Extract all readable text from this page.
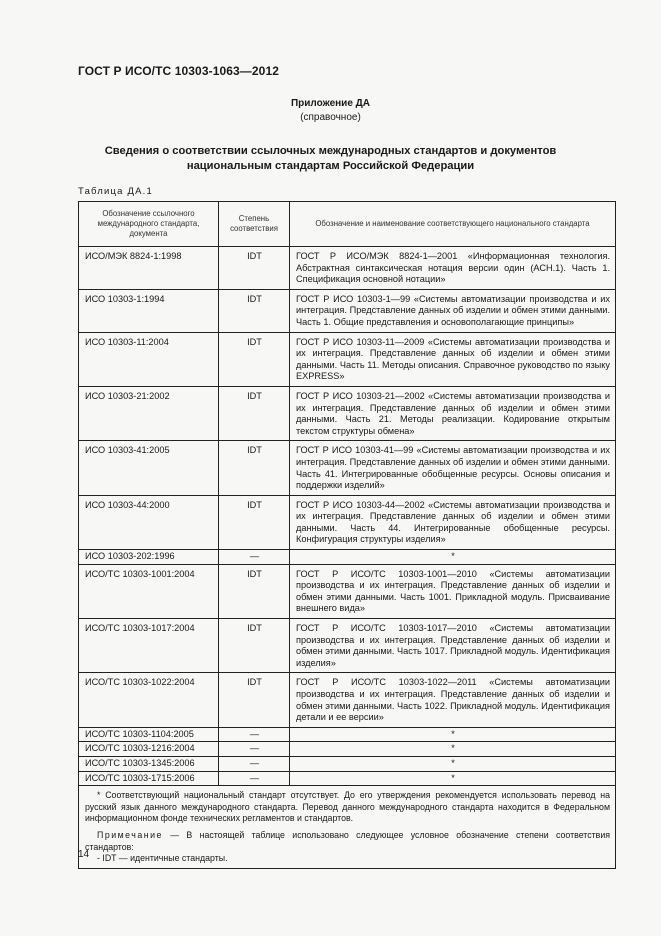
ГОСТ Р ИСО/ТС 10303-1063—2012
Приложение ДА
(справочное)
Сведения о соответствии ссылочных международных стандартов и документов
национальным стандартам Российской Федерации
Таблица ДА.1
Обозначение ссылочного международного стандарта, документа	Степень соответствия	Обозначение и наименование соответствующего национального стандарта
ИСО/МЭК 8824-1:1998	IDT	ГОСТ Р ИСО/МЭК 8824-1—2001 «Информационная технология. Абстрактная синтаксическая нотация версии один (АСН.1). Часть 1. Спецификация основной нотации»
ИСО 10303-1:1994	IDT	ГОСТ Р ИСО 10303-1—99 «Системы автоматизации производства и их интеграция. Представление данных об изделии и обмен этими данными. Часть 1. Общие представления и основополагающие принципы»
ИСО 10303-11:2004	IDT	ГОСТ Р ИСО 10303-11—2009 «Системы автоматизации производства и их интеграция. Представление данных об изделии и обмен этими данными. Часть 11. Методы описания. Справочное руководство по языку EXPRESS»
ИСО 10303-21:2002	IDT	ГОСТ Р ИСО 10303-21—2002 «Системы автоматизации производства и их интеграция. Представление данных об изделии и обмен этими данными. Часть 21. Методы реализации. Кодирование открытым текстом структуры обмена»
ИСО 10303-41:2005	IDT	ГОСТ Р ИСО 10303-41—99 «Системы автоматизации производства и их интеграция. Представление данных об изделии и обмен этими данными. Часть 41. Интегрированные обобщенные ресурсы. Основы описания и поддержки изделий»
ИСО 10303-44:2000	IDT	ГОСТ Р ИСО 10303-44—2002 «Системы автоматизации производства и их интеграция. Представление данных об изделии и обмен этими данными. Часть 44. Интегрированные обобщенные ресурсы. Конфигурация структуры изделия»
ИСО 10303-202:1996	—	*
ИСО/ТС 10303-1001:2004	IDT	ГОСТ Р ИСО/ТС 10303-1001—2010 «Системы автоматизации производства и их интеграция. Представление данных об изделии и обмен этими данными. Часть 1001. Прикладной модуль. Присваивание внешнего вида»
ИСО/ТС 10303-1017:2004	IDT	ГОСТ Р ИСО/ТС 10303-1017—2010 «Системы автоматизации производства и их интеграция. Представление данных об изделии и обмен этими данными. Часть 1017. Прикладной модуль. Идентификация изделия»
ИСО/ТС 10303-1022:2004	IDT	ГОСТ Р ИСО/ТС 10303-1022—2011 «Системы автоматизации производства и их интеграция. Представление данных об изделии и обмен этими данными. Часть 1022. Прикладной модуль. Идентификация детали и ее версии»
ИСО/ТС 10303-1104:2005	—	*
ИСО/ТС 10303-1216:2004	—	*
ИСО/ТС 10303-1345:2006	—	*
ИСО/ТС 10303-1715:2006	—	*

* Соответствующий национальный стандарт отсутствует. До его утверждения рекомендуется использовать перевод на русский язык данного международного стандарта. Перевод данного международного стандарта находится в Федеральном информационном фонде технических регламентов и стандартов.

Примечание — В настоящей таблице использовано следующее условное обозначение степени соответствия стандартов:

- IDT — идентичные стандарты.		

14
